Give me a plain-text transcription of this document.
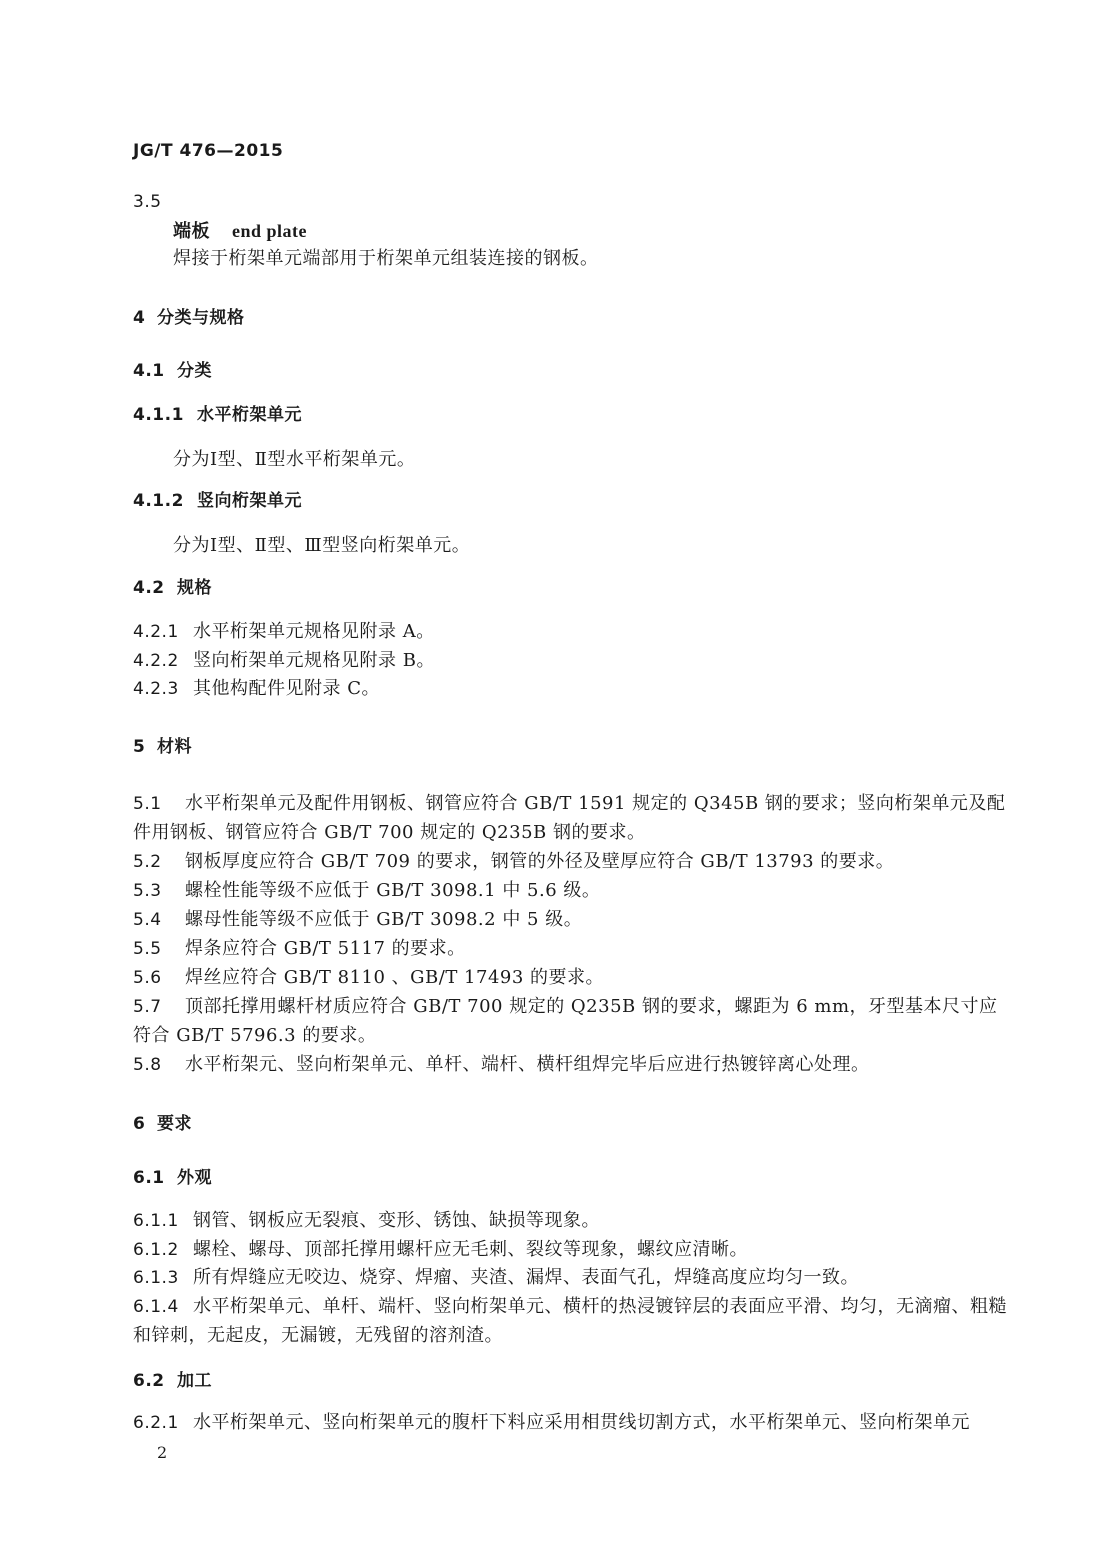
JG/T 476—2015
3.5
端板 end plate
焊接于桁架单元端部用于桁架单元组装连接的钢板。
4 分类与规格
4.1 分类
4.1.1 水平桁架单元
分为Ⅰ型、Ⅱ型水平桁架单元。
4.1.2 竖向桁架单元
分为Ⅰ型、Ⅱ型、Ⅲ型竖向桁架单元。
4.2 规格
4.2.1 水平桁架单元规格见附录 A。
4.2.2 竖向桁架单元规格见附录 B。
4.2.3 其他构配件见附录 C。
5 材料
5.1 水平桁架单元及配件用钢板、钢管应符合 GB/T 1591 规定的 Q345B 钢的要求；竖向桁架单元及配
件用钢板、钢管应符合 GB/T 700 规定的 Q235B 钢的要求。
5.2 钢板厚度应符合 GB/T 709 的要求，钢管的外径及壁厚应符合 GB/T 13793 的要求。
5.3 螺栓性能等级不应低于 GB/T 3098.1 中 5.6 级。
5.4 螺母性能等级不应低于 GB/T 3098.2 中 5 级。
5.5 焊条应符合 GB/T 5117 的要求。
5.6 焊丝应符合 GB/T 8110 、GB/T 17493 的要求。
5.7 顶部托撑用螺杆材质应符合 GB/T 700 规定的 Q235B 钢的要求，螺距为 6 mm，牙型基本尺寸应
符合 GB/T 5796.3 的要求。
5.8 水平桁架元、竖向桁架单元、单杆、端杆、横杆组焊完毕后应进行热镀锌离心处理。
6 要求
6.1 外观
6.1.1 钢管、钢板应无裂痕、变形、锈蚀、缺损等现象。
6.1.2 螺栓、螺母、顶部托撑用螺杆应无毛刺、裂纹等现象，螺纹应清晰。
6.1.3 所有焊缝应无咬边、烧穿、焊瘤、夹渣、漏焊、表面气孔，焊缝高度应均匀一致。
6.1.4 水平桁架单元、单杆、端杆、竖向桁架单元、横杆的热浸镀锌层的表面应平滑、均匀，无滴瘤、粗糙
和锌刺，无起皮，无漏镀，无残留的溶剂渣。
6.2 加工
6.2.1 水平桁架单元、竖向桁架单元的腹杆下料应采用相贯线切割方式，水平桁架单元、竖向桁架单元
2
